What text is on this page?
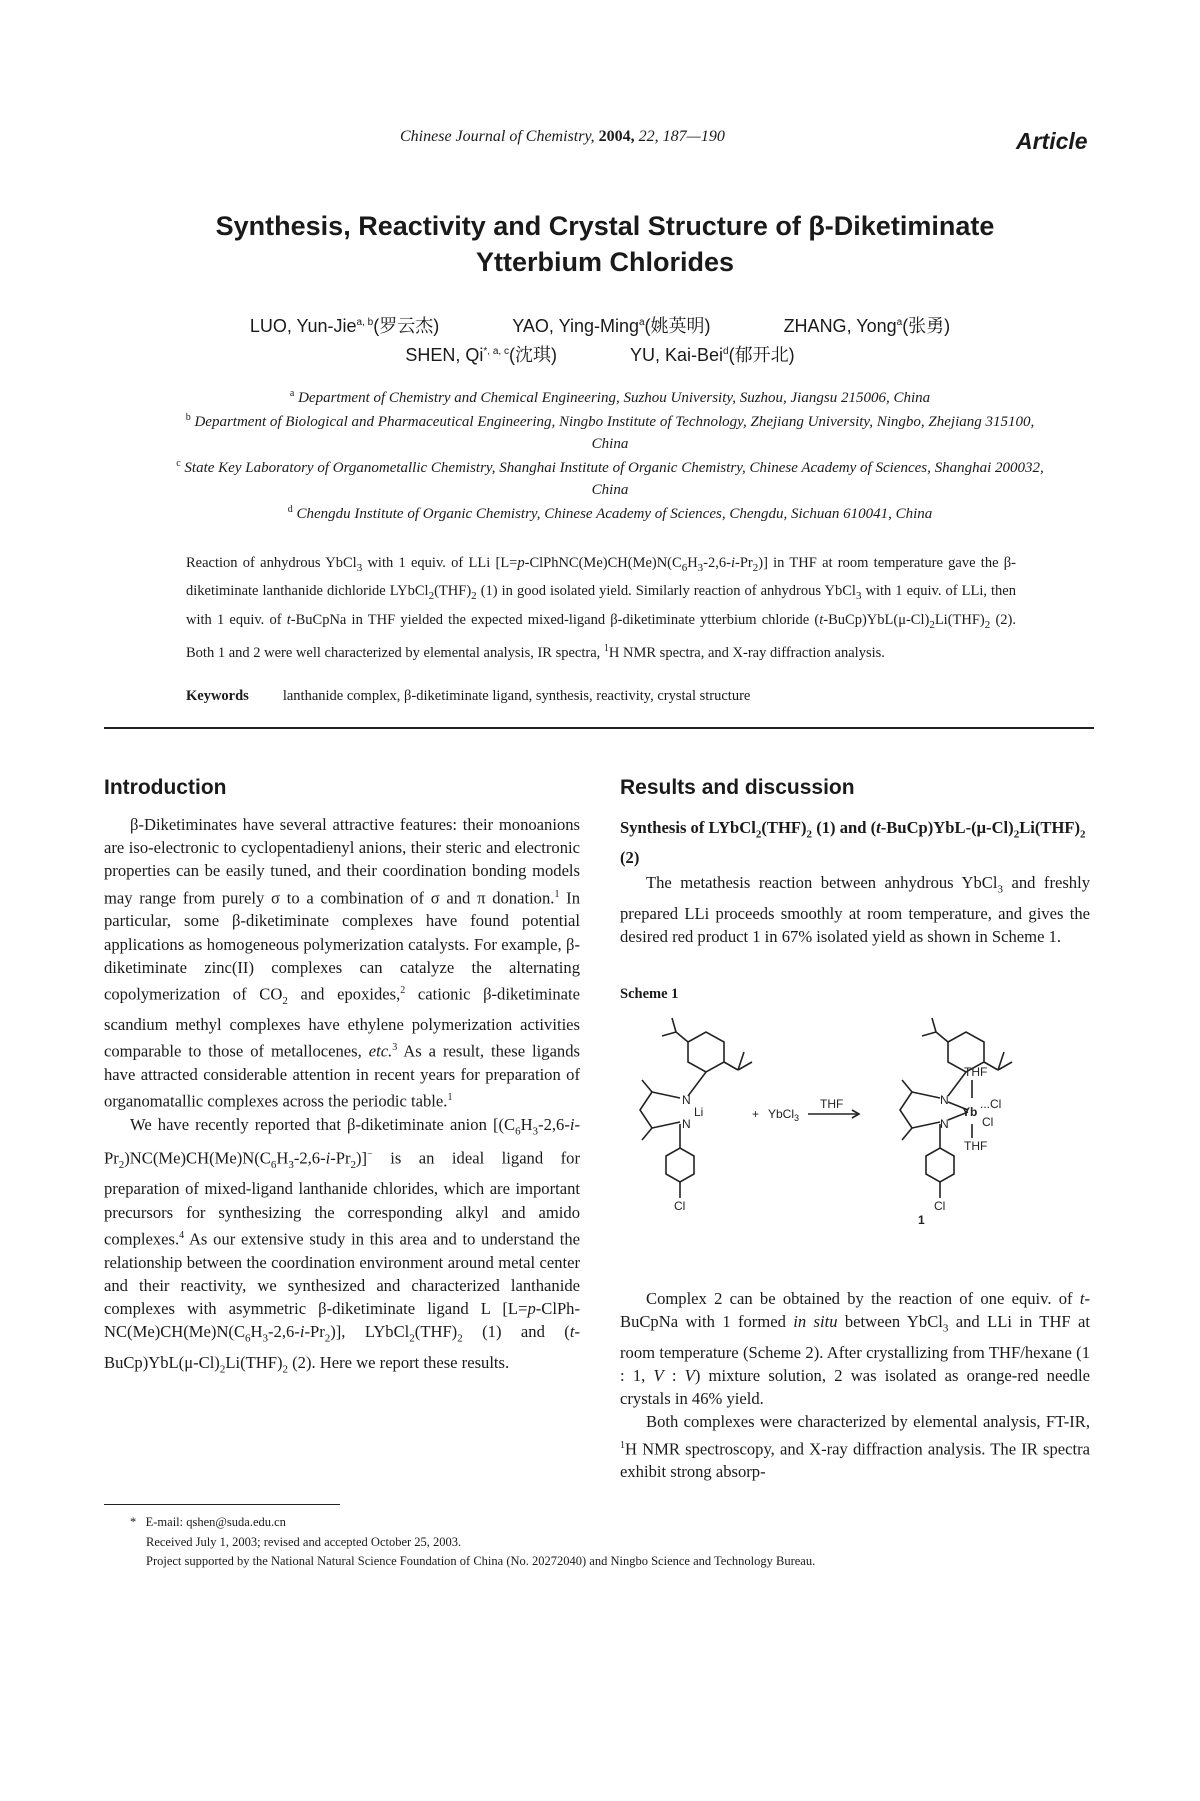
Chinese Journal of Chemistry, 2004, 22, 187—190	Article
Synthesis, Reactivity and Crystal Structure of β-Diketiminate Ytterbium Chlorides
LUO, Yun-Jie$^{a, b}$(罗云杰)	YAO, Ying-Ming$^a$(姚英明)	ZHANG, Yong$^a$(张勇)
SHEN, $Qi^{*, a, c}$(沈琪)	YU, Kai-Bei$^d$(郁开北)
$^a$ Department of Chemistry and Chemical Engineering, Suzhou University, Suzhou, Jiangsu 215006, China
$^b$ Department of Biological and Pharmaceutical Engineering, Ningbo Institute of Technology, Zhejiang University, Ningbo, Zhejiang 315100, China
$^c$ State Key Laboratory of Organometallic Chemistry, Shanghai Institute of Organic Chemistry, Chinese Academy of Sciences, Shanghai 200032, China
$^d$ Chengdu Institute of Organic Chemistry, Chinese Academy of Sciences, Chengdu, Sichuan 610041, China
Reaction of anhydrous YbCl$_3$ with 1 equiv. of LLi $[L=p-ClPhNC(Me)CH(Me)N(C_6H_3-2,6-i-Pr_2)]$ in THF at room temperature gave the β-diketiminate lanthanide dichloride $LYbCl_2(THF)_2$ (1) in good isolated yield. Similarly reaction of anhydrous YbCl$_3$ with 1 equiv. of LLi, then with 1 equiv. of t-BuCpNa in THF yielded the expected mixed-ligand β-diketiminate ytterbium chloride $(t-BuCp)YbL(\mu-Cl)_2Li(THF)_2$ (2). Both 1 and 2 were well characterized by elemental analysis, IR spectra, $^1$H NMR spectra, and X-ray diffraction analysis.
Keywords lanthanide complex, β-diketiminate ligand, synthesis, reactivity, crystal structure
Introduction

β-Diketiminates have several attractive features: their monoanions are iso-electronic to cyclopentadienyl anions, their steric and electronic properties can be easily tuned, and their coordination bonding models may range from purely σ to a combination of σ and π donation.$^1$ In particular, some β-diketiminate complexes have found potential applications as homogeneous polymerization catalysts. For example, β-diketiminate zinc(II) complexes can catalyze the alternating copolymerization of $CO_2$ and epoxides,$^2$ cationic β-diketiminate scandium methyl complexes have ethylene polymerization activities comparable to those of metallocenes, etc.$^3$ As a result, these ligands have attracted considerable attention in recent years for preparation of organomatallic complexes across the periodic table.$^1$

We have recently reported that β-diketiminate anion $[(C_6H_3-2,6-i-Pr_2)NC(Me)CH(Me)N(C_6H_3-2,6-i-Pr_2)]^-$ is an ideal ligand for preparation of mixed-ligand lanthanide chlorides, which are important precursors for synthesizing the corresponding alkyl and amido complexes.$^4$ As our extensive study in this area and to understand the relationship between the coordination environment around metal center and their reactivity, we synthesized and characterized lanthanide complexes with asymmetric β-diketiminate ligand L $[L=p-ClPh-NC(Me)CH(Me)N(C_6H_3-2,6-i-Pr_2)]$, $LYbCl_2(THF)_2$ (1) and $(t-BuCp)YbL(\mu-Cl)_2Li(THF)_2$ (2). Here we report these results.

Results and discussion
Synthesis of $LYbCl_2(THF)_2$ (1) and $(t-BuCp)YbL-(\mu-Cl)_2Li(THF)_2$ (2)

The metathesis reaction between anhydrous YbCl$_3$ and freshly prepared LLi proceeds smoothly at room temperature, and gives the desired red product 1 in 67% isolated yield as shown in Scheme 1.

Scheme 1
N
Li
N
Cl
+ YbCl$_3$
THF	N
N
Yb
THF
THF
...Cl
Cl
Cl
1

Complex 2 can be obtained by the reaction of one equiv. of t-BuCpNa with 1 formed in situ between YbCl$_3$ and LLi in THF at room temperature (Scheme 2). After crystallizing from THF/hexane (1 : 1, V : V) mixture solution, 2 was isolated as orange-red needle crystals in 46% yield.

Both complexes were characterized by elemental analysis, FT-IR, $^1$H NMR spectroscopy, and X-ray diffraction analysis. The IR spectra exhibit strong absorp-

* E-mail: qshen@suda.edu.cn
Received July 1, 2003; revised and accepted October 25, 2003.
Project supported by the National Natural Science Foundation of China (No. 20272040) and Ningbo Science and Technology Bureau.
